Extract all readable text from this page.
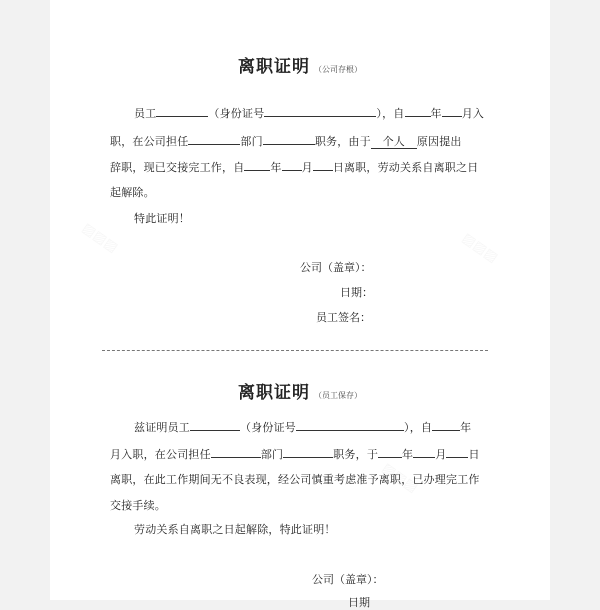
离职证明 （公司存根）
员工	（身份证号	），自 年 月入
职，在公司担任	部门	职务，由于 个人 原因提出
辞职，现已交接完工作，自 年 月 日离职，劳动关系自离职之日
起解除。
特此证明！
公司（盖章）：
日期：
员工签名：
离职证明 （员工保存）
兹证明员工	（身份证号	），自	年
月入职，在公司担任	部门	职务，于 年 月 日
离职，在此工作期间无不良表现，经公司慎重考虑准予离职，已办理完工作
交接手续。
劳动关系自离职之日起解除，特此证明！
公司（盖章）：
日期
